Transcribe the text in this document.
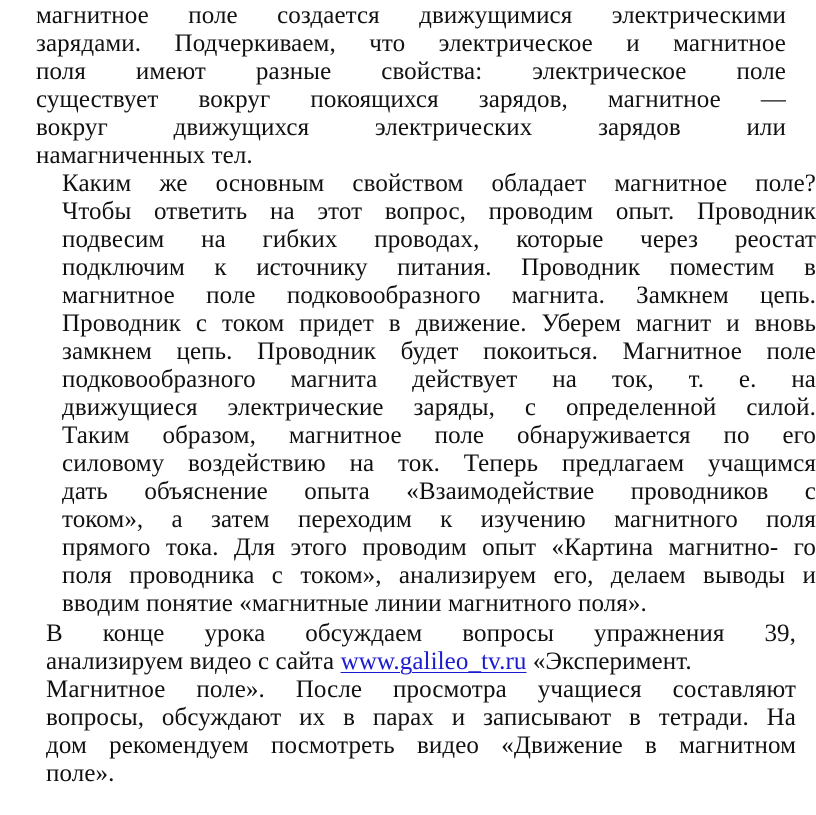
магнитное поле создается движущимися электрическими
зарядами. Подчеркиваем, что электрическое и магнитное
поля имеют разные свойства: электрическое поле
существует вокруг покоящихся зарядов, магнитное —
вокруг движущихся электрических зарядов или
намагниченных тел.
Каким же основным свойством обладает магнитное поле?
Чтобы ответить на этот вопрос, проводим опыт. Проводник
подвесим на гибких проводах, которые через реостат
подключим к источнику питания. Проводник поместим в
магнитное поле подковообразного магнита. Замкнем цепь.
Проводник с током придет в движение. Уберем магнит и вновь
замкнем цепь. Проводник будет покоиться. Магнитное поле
подковообразного магнита действует на ток, т. е. на
движущиеся электрические заряды, с определенной силой.
Таким образом, магнитное поле обнаруживается по его
силовому воздействию на ток. Теперь предлагаем учащимся
дать объяснение опыта «Взаимодействие проводников с
током», а затем переходим к изучению магнитного поля
прямого тока. Для этого проводим опыт «Картина магнитно- го
поля проводника с током», анализируем его, делаем выводы и
вводим понятие «магнитные линии магнитного поля».
В конце урока обсуждаем вопросы упражнения 39,
анализируем видео с сайта www.galileo_tv.ru «Эксперимент.
Магнитное поле». После просмотра учащиеся составляют
вопросы, обсуждают их в парах и записывают в тетради. На
дом рекомендуем посмотреть видео «Движение в магнитном
поле».
